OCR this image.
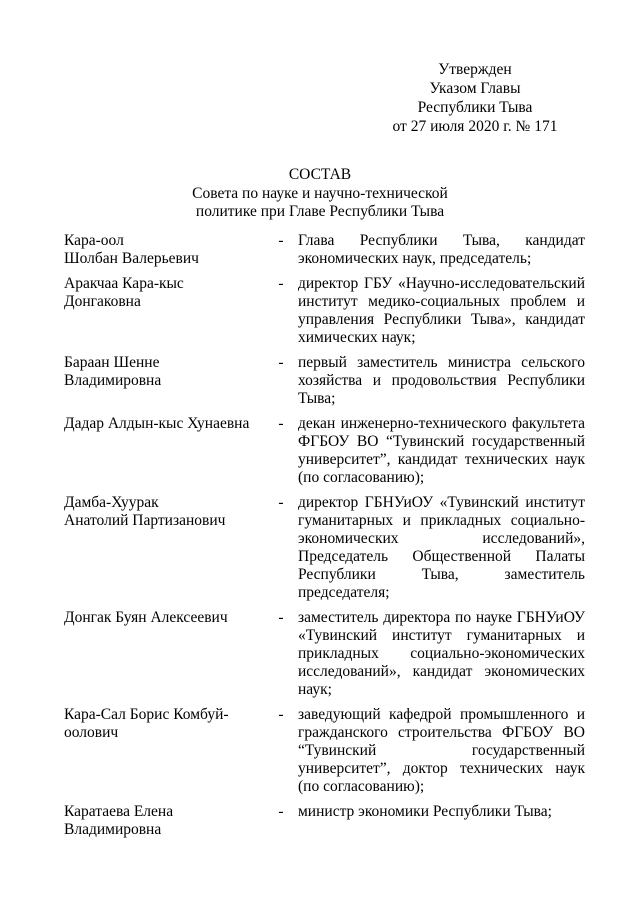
Утвержден
Указом Главы
Республики Тыва
от 27 июля 2020 г. № 171
СОСТАВ
Совета по науке и научно-технической
политике при Главе Республики Тыва
Кара-оол
Шолбан Валерьевич
- Глава Республики Тыва, кандидат экономических наук, председатель;
Аракчаа Кара-кыс
Донгаковна
- директор ГБУ «Научно-исследовательский институт медико-социальных проблем и управления Республики Тыва», кандидат химических наук;
Бараан Шенне
Владимировна
- первый заместитель министра сельского хозяйства и продовольствия Республики Тыва;
Дадар Алдын-кыс Хунаевна	- декан инженерно-технического факультета ФГБОУ ВО “Тувинский государственный университет”, кандидат технических наук (по согласованию);
Дамба-Хуурак
Анатолий Партизанович
- директор ГБНУиОУ «Тувинский институт гуманитарных и прикладных социально-экономических исследований», Председатель Общественной Палаты Республики Тыва, заместитель председателя;
Донгак Буян Алексеевич	- заместитель директора по науке ГБНУиОУ «Тувинский институт гуманитарных и прикладных социально-экономических исследований», кандидат экономических наук;
Кара-Сал Борис Комбуй-
оолович
- заведующий кафедрой промышленного и гражданского строительства ФГБОУ ВО “Тувинский государственный университет”, доктор технических наук (по согласованию);
Каратаева Елена
Владимировна
- министр экономики Республики Тыва;
